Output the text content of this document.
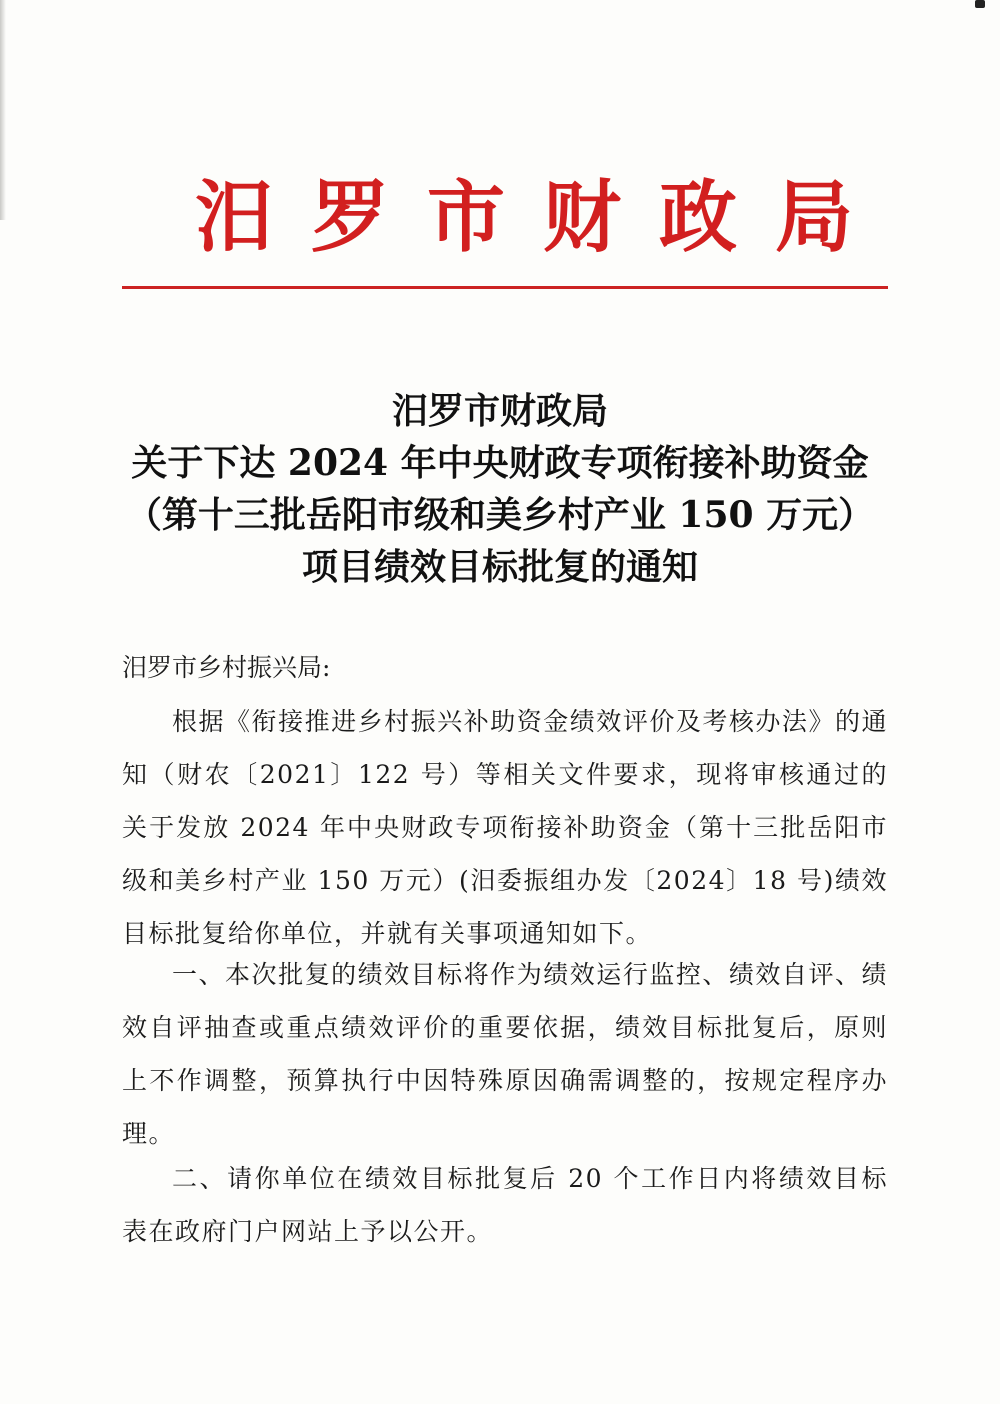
汨罗市财政局
汨罗市财政局
关于下达 2024 年中央财政专项衔接补助资金
（第十三批岳阳市级和美乡村产业 150 万元）
项目绩效目标批复的通知
汨罗市乡村振兴局:
根据《衔接推进乡村振兴补助资金绩效评价及考核办法》的通知（财农〔2021〕122 号）等相关文件要求，现将审核通过的关于发放 2024 年中央财政专项衔接补助资金（第十三批岳阳市级和美乡村产业 150 万元）(汨委振组办发〔2024〕18 号)绩效目标批复给你单位，并就有关事项通知如下。
一、本次批复的绩效目标将作为绩效运行监控、绩效自评、绩效自评抽查或重点绩效评价的重要依据，绩效目标批复后，原则上不作调整，预算执行中因特殊原因确需调整的，按规定程序办理。
二、请你单位在绩效目标批复后 20 个工作日内将绩效目标表在政府门户网站上予以公开。
